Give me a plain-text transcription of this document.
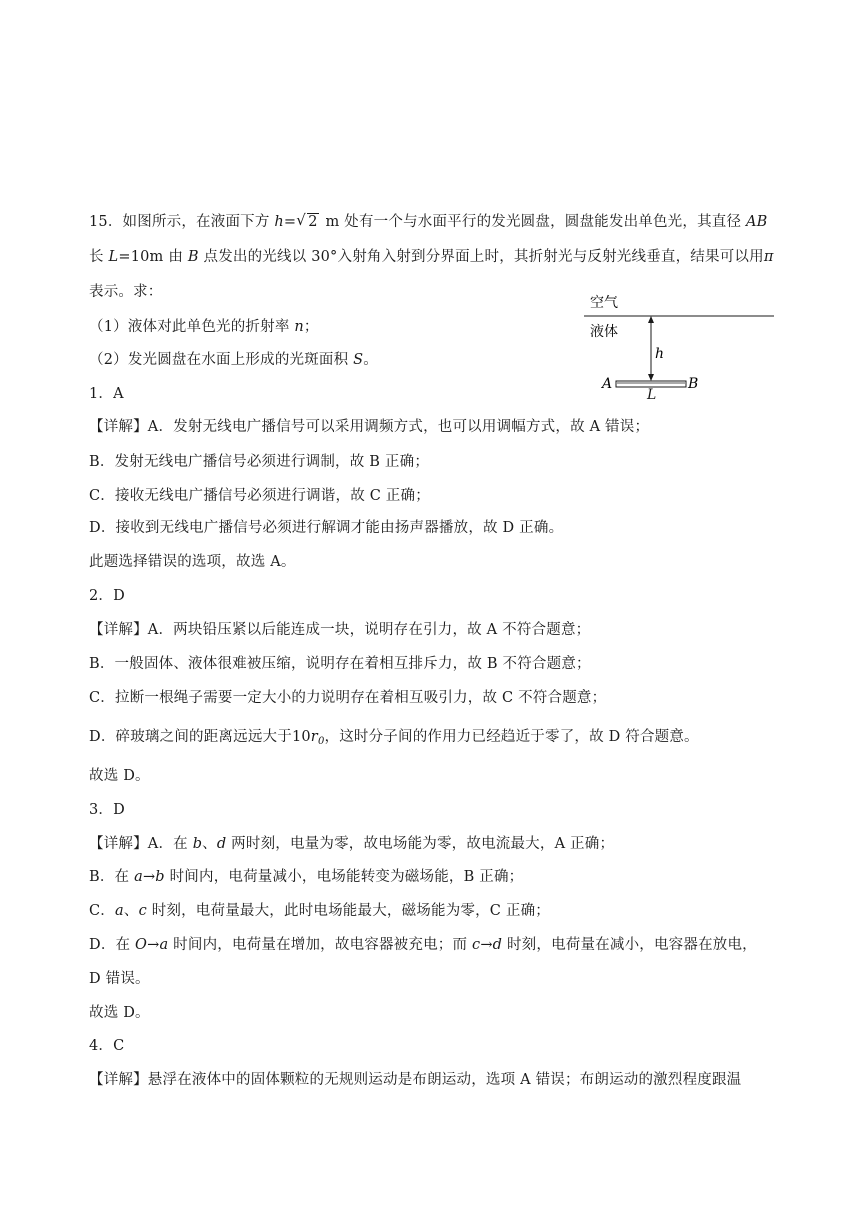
15．如图所示，在液面下方 h= √ 2 m 处有一个与水面平行的发光圆盘，圆盘能发出单色光，其直径 AB
长 L=10m 由 B 点发出的光线以 30°入射角入射到分界面上时，其折射光与反射光线垂直，结果可以用π
表示。求：
（1）液体对此单色光的折射率 n；
（2）发光圆盘在水面上形成的光斑面积 S。
空气
液体
h
A	B
L
1．A
【详解】A．发射无线电广播信号可以采用调频方式，也可以用调幅方式，故 A 错误；
B．发射无线电广播信号必须进行调制，故 B 正确；
C．接收无线电广播信号必须进行调谐，故 C 正确；
D．接收到无线电广播信号必须进行解调才能由扬声器播放，故 D 正确。
此题选择错误的选项，故选 A。
2．D
【详解】A．两块铅压紧以后能连成一块，说明存在引力，故 A 不符合题意；
B．一般固体、液体很难被压缩，说明存在着相互排斥力，故 B 不符合题意；
C．拉断一根绳子需要一定大小的力说明存在着相互吸引力，故 C 不符合题意；
D．碎玻璃之间的距离远远大于$10r_0$，这时分子间的作用力已经趋近于零了，故 D 符合题意。
故选 D。
3．D
【详解】A．在 b、d 两时刻，电量为零，故电场能为零，故电流最大，A 正确；
B．在 a→b 时间内，电荷量减小，电场能转变为磁场能，B 正确；
C．a、c 时刻，电荷量最大，此时电场能最大，磁场能为零，C 正确；
D．在 O→a 时间内，电荷量在增加，故电容器被充电；而 c→d 时刻，电荷量在减小，电容器在放电，
D 错误。
故选 D。
4．C
【详解】悬浮在液体中的固体颗粒的无规则运动是布朗运动，选项 A 错误；布朗运动的激烈程度跟温
